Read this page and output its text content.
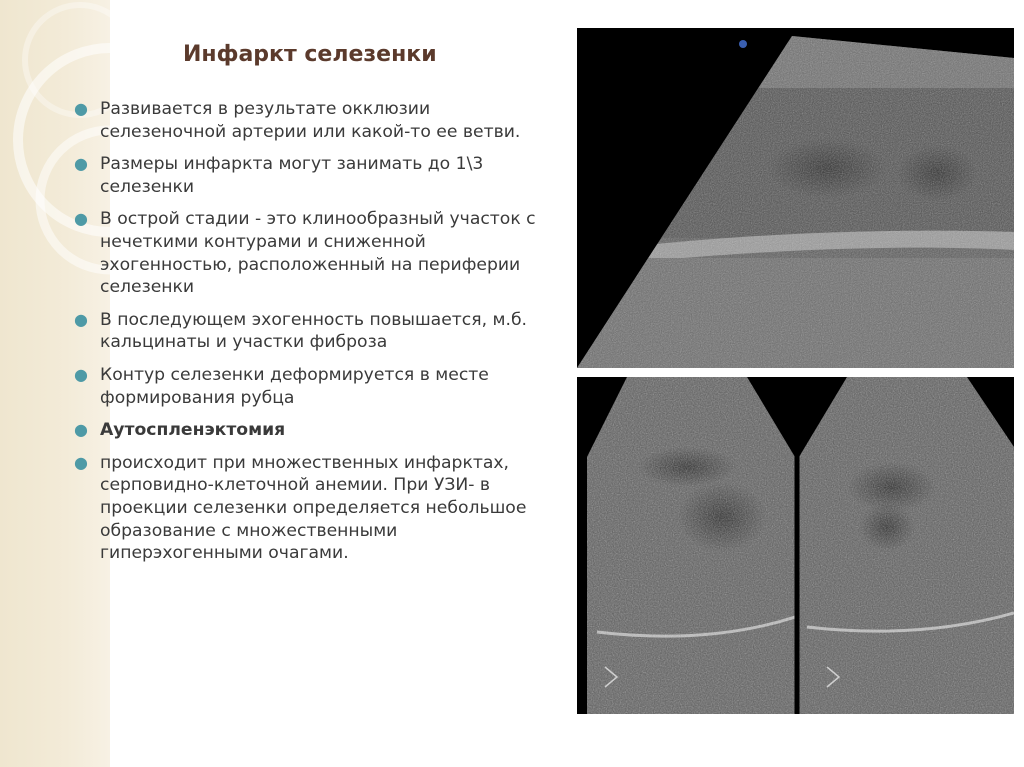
Инфаркт селезенки
● Развивается в результате окклюзии селезеночной артерии или какой-то ее ветви.
● Размеры инфаркта могут занимать до 1\3 селезенки
● В острой стадии - это клинообразный участок с нечеткими контурами и сниженной эхогенностью, расположенный на периферии селезенки
● В последующем эхогенность повышается, м.б. кальцинаты и участки фиброза
● Контур селезенки деформируется в месте формирования рубца
● Аутоспленэктомия
● происходит при множественных инфарктах, серповидно-клеточной анемии. При УЗИ- в проекции селезенки определяется небольшое образование с множественными гиперэхогенными очагами.
